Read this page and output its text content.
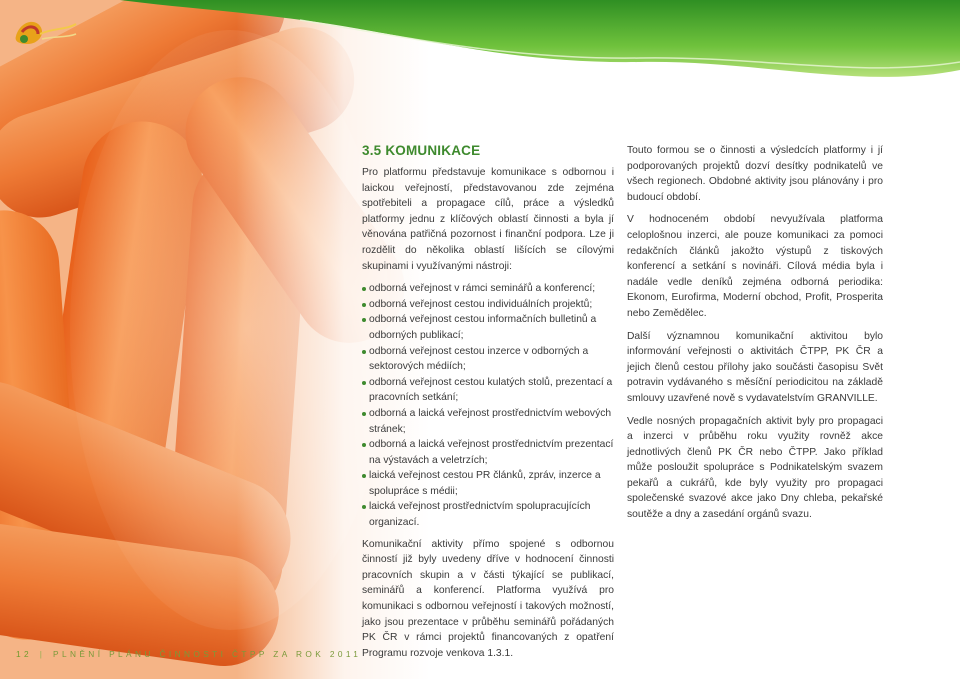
3.5 KOMUNIKACE

Pro platformu představuje komunikace s odbornou i laickou veřejností, představovanou zde zejména spotřebiteli a propagace cílů, práce a výsledků platformy jednu z klíčových oblastí činnosti a byla jí věnována patřičná pozornost i finanční podpora. Lze ji rozdělit do několika oblastí lišících se cílovými skupinami i využívanými nástroji:

odborná veřejnost v rámci seminářů a konferencí;
odborná veřejnost cestou individuálních projektů;
odborná veřejnost cestou informačních bulletinů a odborných publikací;
odborná veřejnost cestou inzerce v odborných a sektorových médiích;
odborná veřejnost cestou kulatých stolů, prezentací a pracovních setkání;
odborná a laická veřejnost prostřednictvím webových stránek;
odborná a laická veřejnost prostřednictvím prezentací na výstavách a veletrzích;
laická veřejnost cestou PR článků, zpráv, inzerce a spolupráce s médii;
laická veřejnost prostřednictvím spolupracujících organizací.

Komunikační aktivity přímo spojené s odbornou činností již byly uvedeny dříve v hodnocení činnosti pracovních skupin a v části týkající se publikací, seminářů a konferencí. Platforma využívá pro komunikaci s odbornou veřejností i takových možností, jako jsou prezentace v průběhu seminářů pořádaných PK ČR v rámci projektů financovaných z opatření Programu rozvoje venkova 1.3.1.

Touto formou se o činnosti a výsledcích platformy i jí podporovaných projektů dozví desítky podnikatelů ve všech regionech. Obdobné aktivity jsou plánovány i pro budoucí období.

V hodnoceném období nevyužívala platforma celoplošnou inzerci, ale pouze komunikaci za pomoci redakčních článků jakožto výstupů z tiskových konferencí a setkání s novináři. Cílová média byla i nadále vedle deníků zejména odborná periodika: Ekonom, Eurofirma, Moderní obchod, Profit, Prosperita nebo Zemědělec.

Další významnou komunikační aktivitou bylo informování veřejnosti o aktivitách ČTPP, PK ČR a jejich členů cestou přílohy jako součásti časopisu Svět potravin vydávaného s měsíční periodicitou na základě smlouvy uzavřené nově s vydavatelstvím GRANVILLE.

Vedle nosných propagačních aktivit byly pro propagaci a inzerci v průběhu roku využity rovněž akce jednotlivých členů PK ČR nebo ČTPP. Jako příklad může posloužit spolupráce s Podnikatelským svazem pekařů a cukrářů, kde byly využity pro propagaci společenské svazové akce jako Dny chleba, pekařské soutěže a dny a zasedání orgánů svazu.

12 | PLNĚNÍ PLÁNU ČINNOSTI ČTPP ZA ROK 2011
